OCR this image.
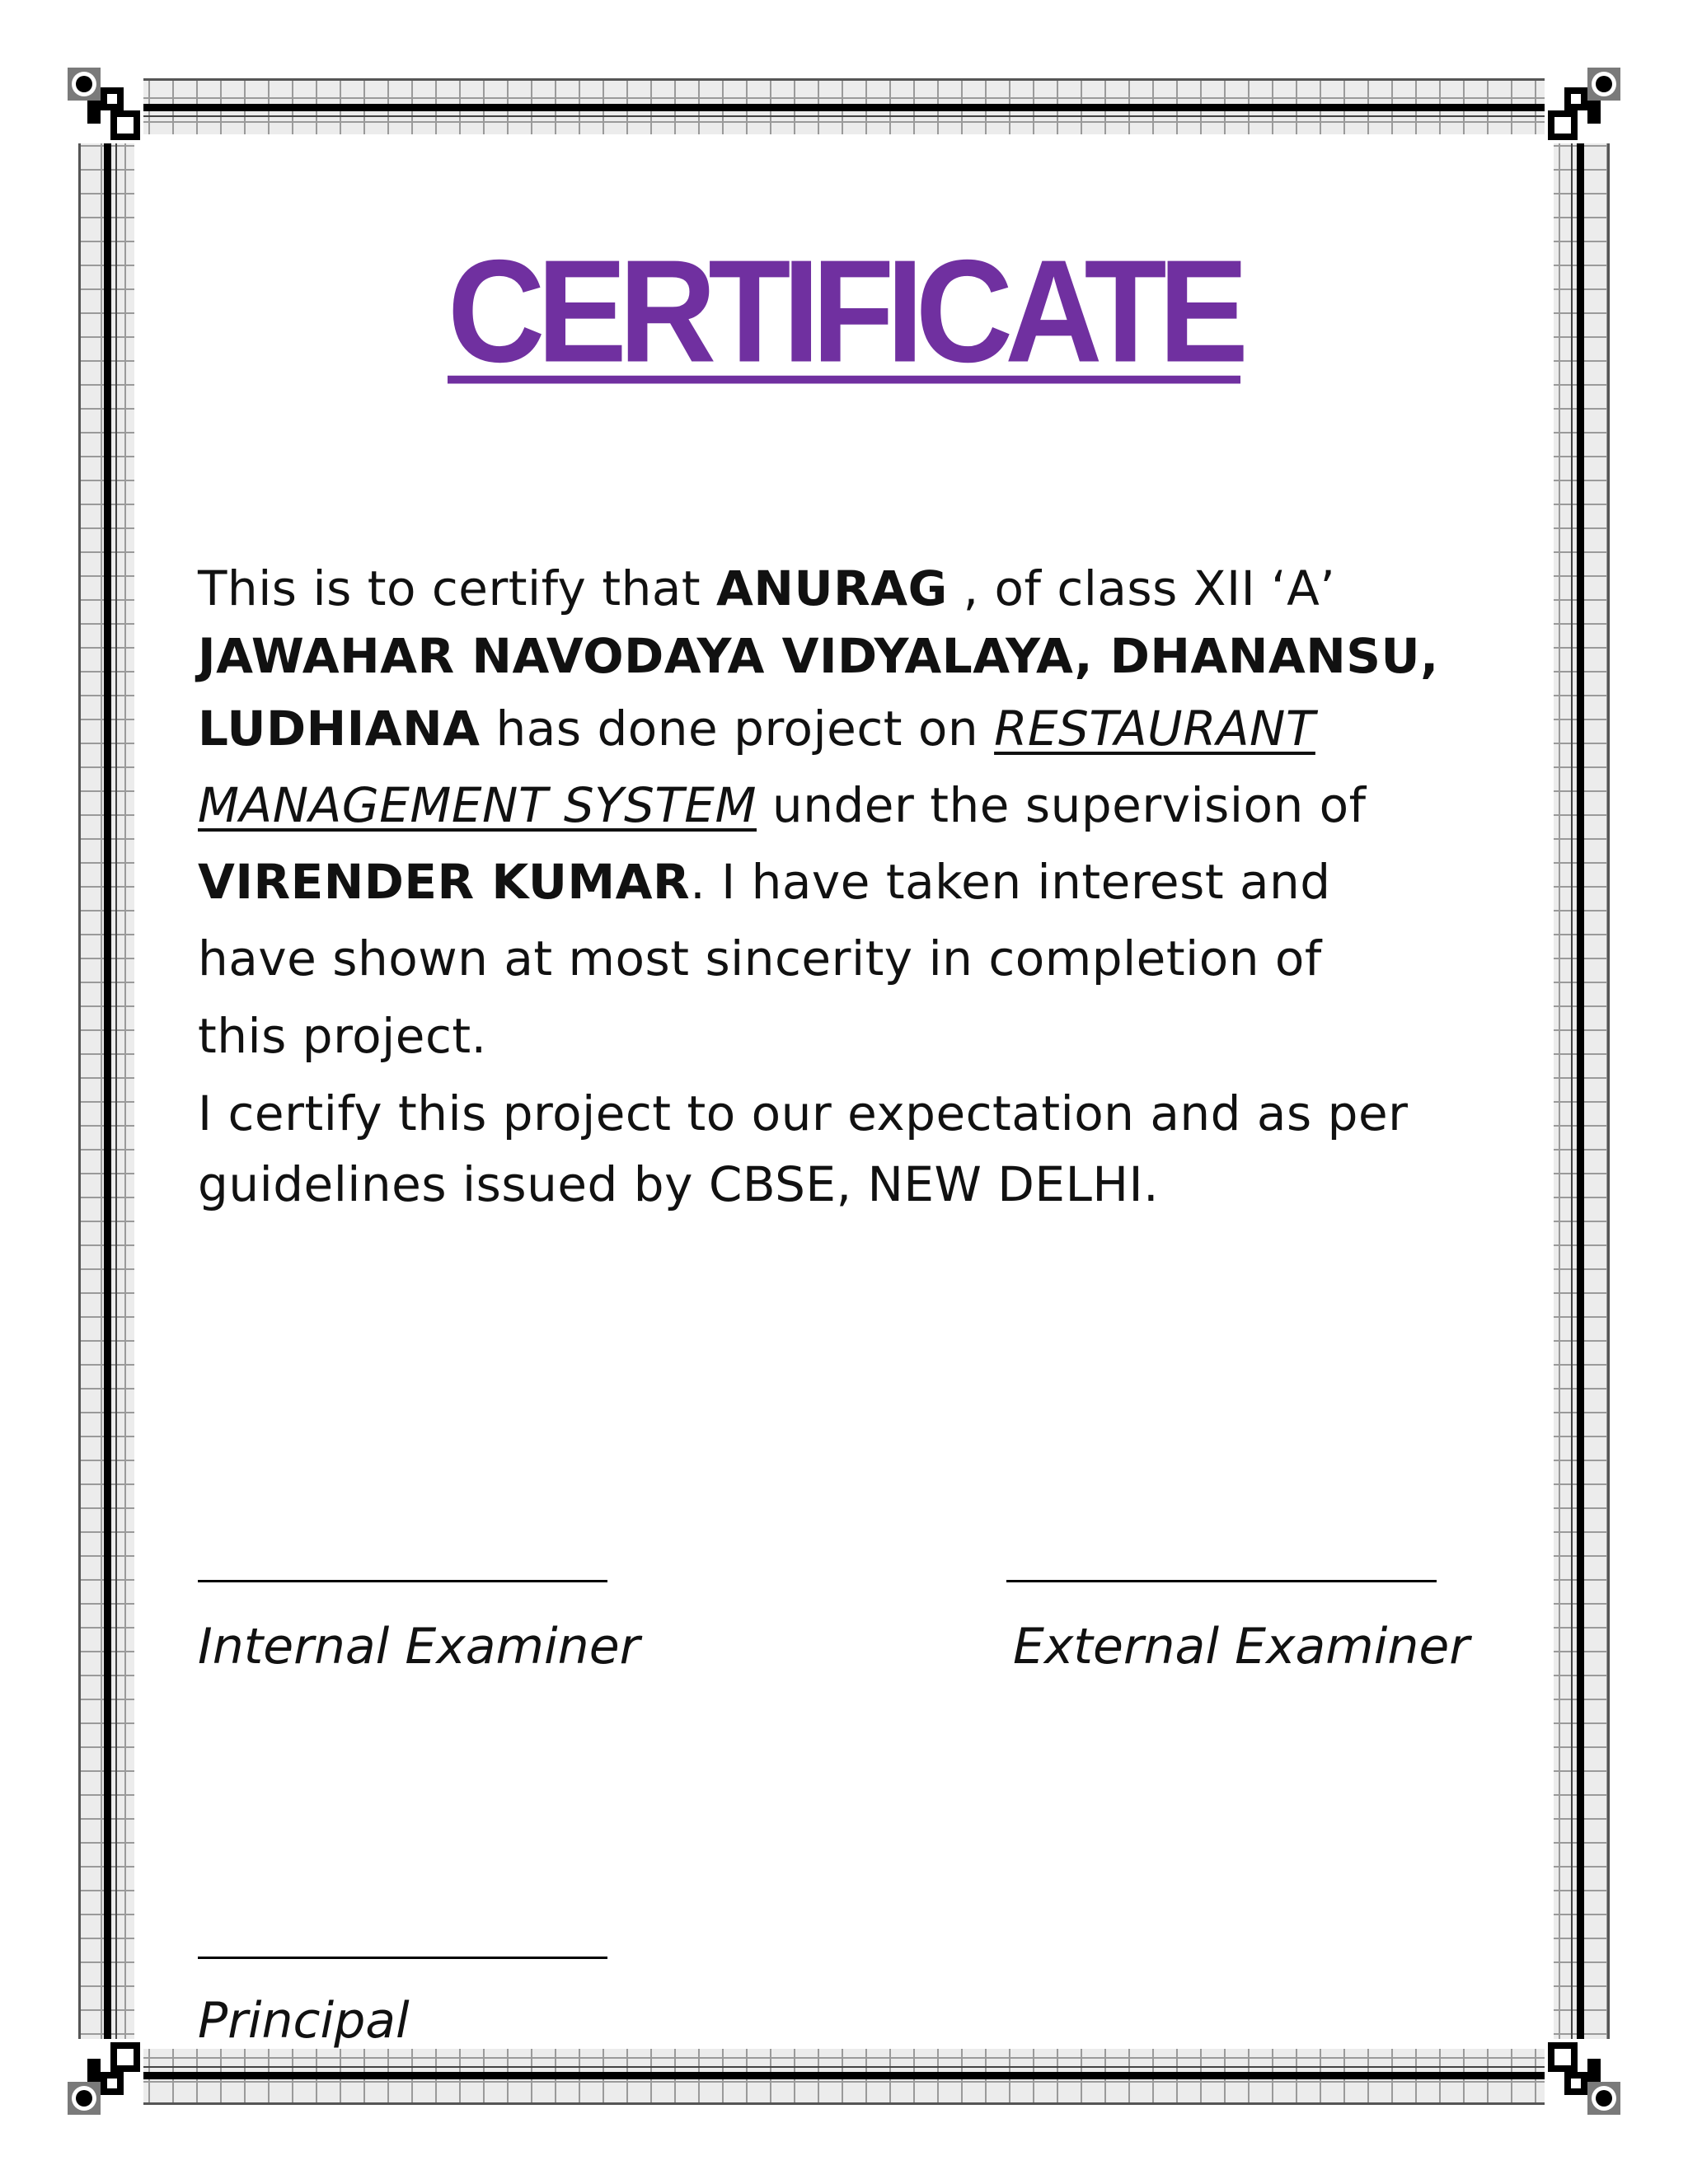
CERTIFICATE
This is to certify that ANURAG , of class XII ‘A’
JAWAHAR NAVODAYA VIDYALAYA, DHANANSU,
LUDHIANA has done project on RESTAURANT
MANAGEMENT SYSTEM under the supervision of
VIRENDER KUMAR. I have taken interest and
have shown at most sincerity in completion of
this project.
I certify this project to our expectation and as per
guidelines issued by CBSE, NEW DELHI.
Internal Examiner	External Examiner
Principal
